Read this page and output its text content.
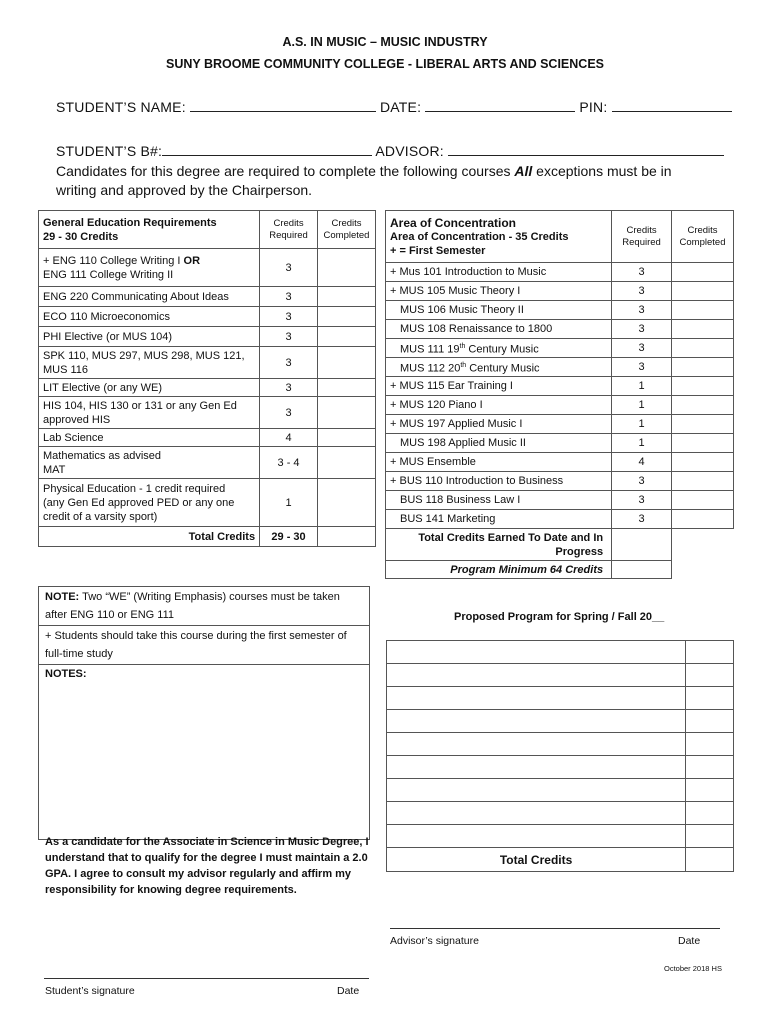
A.S. IN MUSIC – MUSIC INDUSTRY
SUNY BROOME COMMUNITY COLLEGE - LIBERAL ARTS AND SCIENCES
STUDENT’S NAME:	DATE:	PIN:
STUDENT’S B#:	ADVISOR:
Candidates for this degree are required to complete the following courses All exceptions must be in writing and approved by the Chairperson.
General Education Requirements
29 - 30 Credits	Credits Required	Credits Completed
+ ENG 110 College Writing I OR
ENG 111 College Writing II	3	
ENG 220 Communicating About Ideas	3	
ECO 110 Microeconomics	3	
PHI Elective (or MUS 104)	3	
SPK 110, MUS 297, MUS 298, MUS 121, MUS 116	3	
LIT Elective (or any WE)	3	
HIS 104, HIS 130 or 131 or any Gen Ed approved HIS	3	
Lab Science	4	

Mathematics as advised
MAT	3 - 4	

Physical Education - 1 credit required
(any Gen Ed approved PED or any one
credit of a varsity sport)	1	
Total Credits	29 - 30	
Area of Concentration
Area of Concentration - 35 Credits
+ = First Semester	Credits Required	Credits Completed
+ Mus 101 Introduction to Music	3	
+ MUS 105 Music Theory I	3	
MUS 106 Music Theory II	3	
MUS 108 Renaissance to 1800	3	
MUS 111 19th Century Music	3	
MUS 112 20th Century Music	3	
+ MUS 115 Ear Training I	1	
+ MUS 120 Piano I	1	
+ MUS 197 Applied Music I	1	
MUS 198 Applied Music II	1	
+ MUS Ensemble	4	
+ BUS 110 Introduction to Business	3	
BUS 118 Business Law I	3	
BUS 141 Marketing	3	
Total Credits Earned To Date and In Progress		
Program Minimum 64 Credits		
NOTE: Two “WE” (Writing Emphasis) courses must be taken after ENG 110 or ENG 111
+ Students should take this course during the first semester of full-time study
NOTES:
Proposed Program for Spring / Fall 20__

Total Credits	
As a candidate for the Associate in Science in Music Degree, I understand that to qualify for the degree I must maintain a 2.0 GPA. I agree to consult my advisor regularly and affirm my responsibility for knowing degree requirements.
Advisor’s signature	Date
October 2018 HS
Student’s signature	Date
